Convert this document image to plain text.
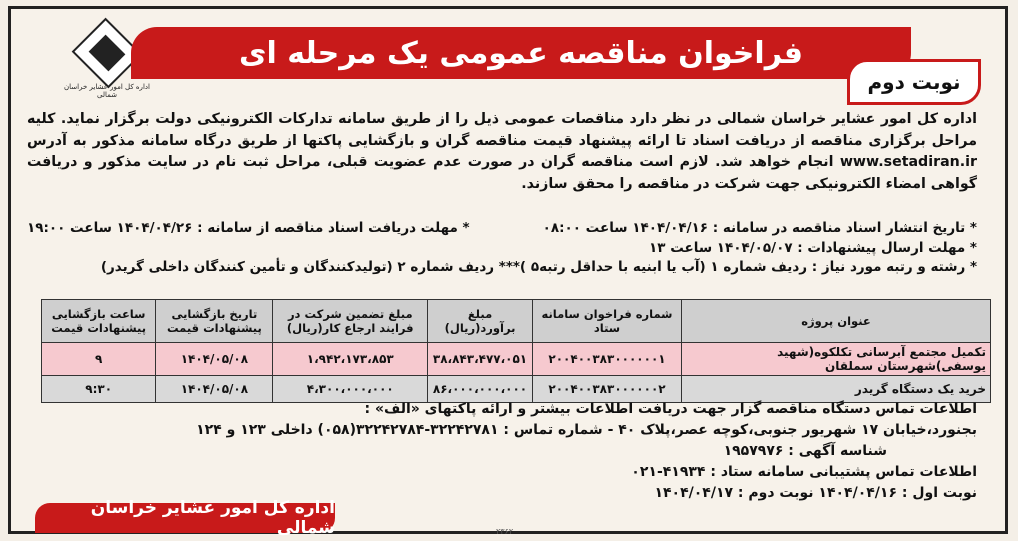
اداره کل امور عشایر خراسان شمالی
فراخوان مناقصه عمومی یک مرحله ای
نوبت دوم
اداره کل امور عشایر خراسان شمالی در نظر دارد مناقصات عمومی ذیل را از طریق سامانه تدارکات الکترونیکی دولت برگزار نماید. کلیه مراحل برگزاری مناقصه از دریافت اسناد تا ارائه پیشنهاد قیمت مناقصه گران و بازگشایی پاکتها از طریق درگاه سامانه مذکور به آدرس www.setadiran.ir انجام خواهد شد. لازم است مناقصه گران در صورت عدم عضویت قبلی، مراحل ثبت نام در سایت مذکور و دریافت گواهی امضاء الکترونیکی جهت شرکت در مناقصه را محقق سازند.
* تاریخ انتشار اسناد مناقصه در سامانه : ۱۴۰۴/۰۴/۱۶ ساعت ۰۸:۰۰
* مهلت دریافت اسناد مناقصه از سامانه : ۱۴۰۴/۰۴/۲۶ ساعت ۱۹:۰۰
* مهلت ارسال پیشنهادات : ۱۴۰۴/۰۵/۰۷ ساعت ۱۳
* رشته و رتبه مورد نیاز : ردیف شماره ۱ (آب یا ابنیه با حداقل رتبه۵ )*** ردیف شماره ۲ (تولیدکنندگان و تأمین کنندگان داخلی گریدر)
عنوان پروژه	شماره فراخوان سامانه ستاد	مبلغ برآورد(ریال)	مبلغ تضمین شرکت در فرایند ارجاع کار(ریال)	تاریخ بازگشایی پیشنهادات قیمت	ساعت بازگشایی پیشنهادات قیمت
تکمیل مجتمع آبرسانی تکلکوه(شهید یوسفی)شهرستان سملقان	۲۰۰۴۰۰۳۸۳۰۰۰۰۰۰۱	۳۸،۸۴۳،۴۷۷،۰۵۱	۱،۹۴۲،۱۷۳،۸۵۳	۱۴۰۴/۰۵/۰۸	۹
خرید یک دستگاه گریدر	۲۰۰۴۰۰۳۸۳۰۰۰۰۰۰۲	۸۶،۰۰۰،۰۰۰،۰۰۰	۴،۳۰۰،۰۰۰،۰۰۰	۱۴۰۴/۰۵/۰۸	۹:۳۰
اطلاعات تماس دستگاه مناقصه گزار جهت دریافت اطلاعات بیشتر و ارائه پاکتهای «الف» :
بجنورد،خیابان ۱۷ شهریور جنوبی،کوچه عصر،پلاک ۴۰ - شماره تماس : ۳۲۲۴۲۷۸۱-۳۲۲۴۲۷۸۴(۰۵۸) داخلی ۱۲۳ و ۱۲۴
شناسه آگهی : ۱۹۵۷۹۷۶
اطلاعات تماس پشتیبانی سامانه ستاد : ۴۱۹۳۴-۰۲۱
نوبت اول : ۱۴۰۴/۰۴/۱۶ نوبت دوم : ۱۴۰۴/۰۴/۱۷
اداره کل امور عشایر خراسان شمالی	۲۳۶۲
